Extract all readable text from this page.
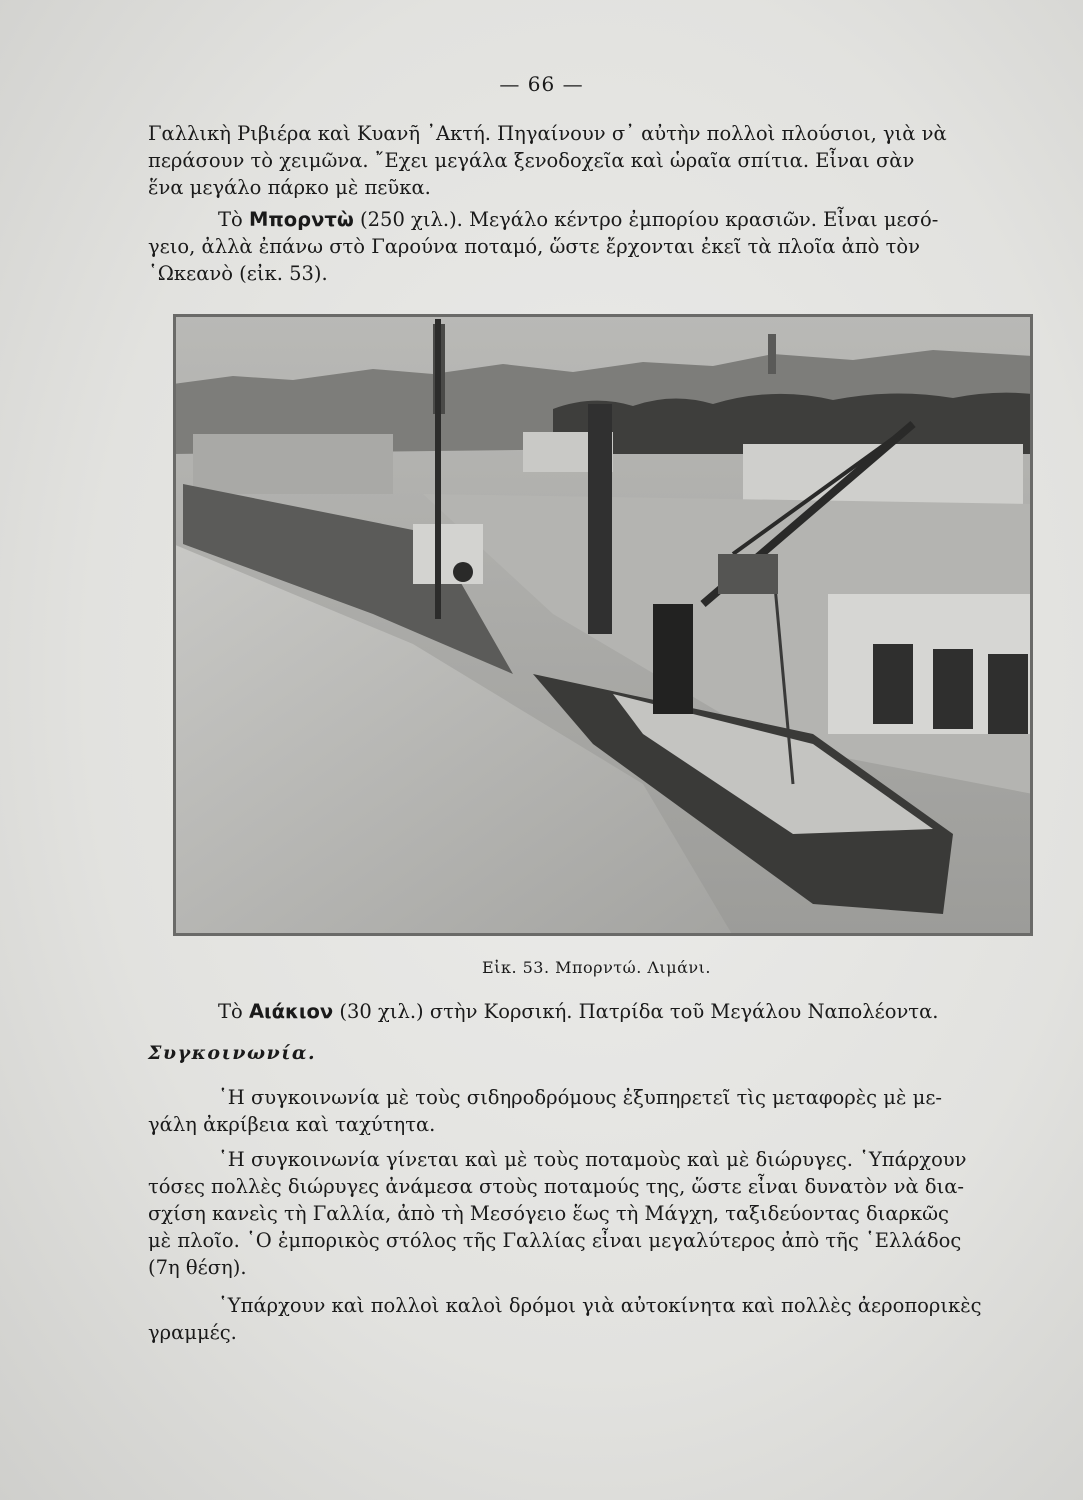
— 66 —
Γαλλικὴ Ριβιέρα καὶ Κυανῆ ᾿Ακτή. Πηγαίνουν σ᾿ αὐτὴν πολλοὶ πλούσιοι, γιὰ νὰ
περάσουν τὸ χειμῶνα. ῎Εχει μεγάλα ξενοδοχεῖα καὶ ὡραῖα σπίτια. Εἶναι σὰν
ἕνα μεγάλο πάρκο μὲ πεῦκα.
Τὸ Μπορντὼ (250 χιλ.). Μεγάλο κέντρο ἐμπορίου κρασιῶν. Εἶναι μεσό-
γειο, ἀλλὰ ἐπάνω στὸ Γαρούνα ποταμό, ὥστε ἔρχονται ἐκεῖ τὰ πλοῖα ἀπὸ τὸν
῾Ωκεανὸ (εἰκ. 53).
Εἰκ. 53. Μπορντώ. Λιμάνι.
Τὸ Αιάκιον (30 χιλ.) στὴν Κορσική. Πατρίδα τοῦ Μεγάλου Ναπολέοντα.
Συγκοινωνία.
῾Η συγκοινωνία μὲ τοὺς σιδηροδρόμους ἐξυπηρετεῖ τὶς μεταφορὲς μὲ με-
γάλη ἀκρίβεια καὶ ταχύτητα.
῾Η συγκοινωνία γίνεται καὶ μὲ τοὺς ποταμοὺς καὶ μὲ διώρυγες. ῾Υπάρχουν
τόσες πολλὲς διώρυγες ἀνάμεσα στοὺς ποταμούς της, ὥστε εἶναι δυνατὸν νὰ δια-
σχίση κανεὶς τὴ Γαλλία, ἀπὸ τὴ Μεσόγειο ἕως τὴ Μάγχη, ταξιδεύοντας διαρκῶς
μὲ πλοῖο. ῾Ο ἐμπορικὸς στόλος τῆς Γαλλίας εἶναι μεγαλύτερος ἀπὸ τῆς ῾Ελλάδος
(7η θέση).
῾Υπάρχουν καὶ πολλοὶ καλοὶ δρόμοι γιὰ αὐτοκίνητα καὶ πολλὲς ἀεροπορικὲς
γραμμές.
